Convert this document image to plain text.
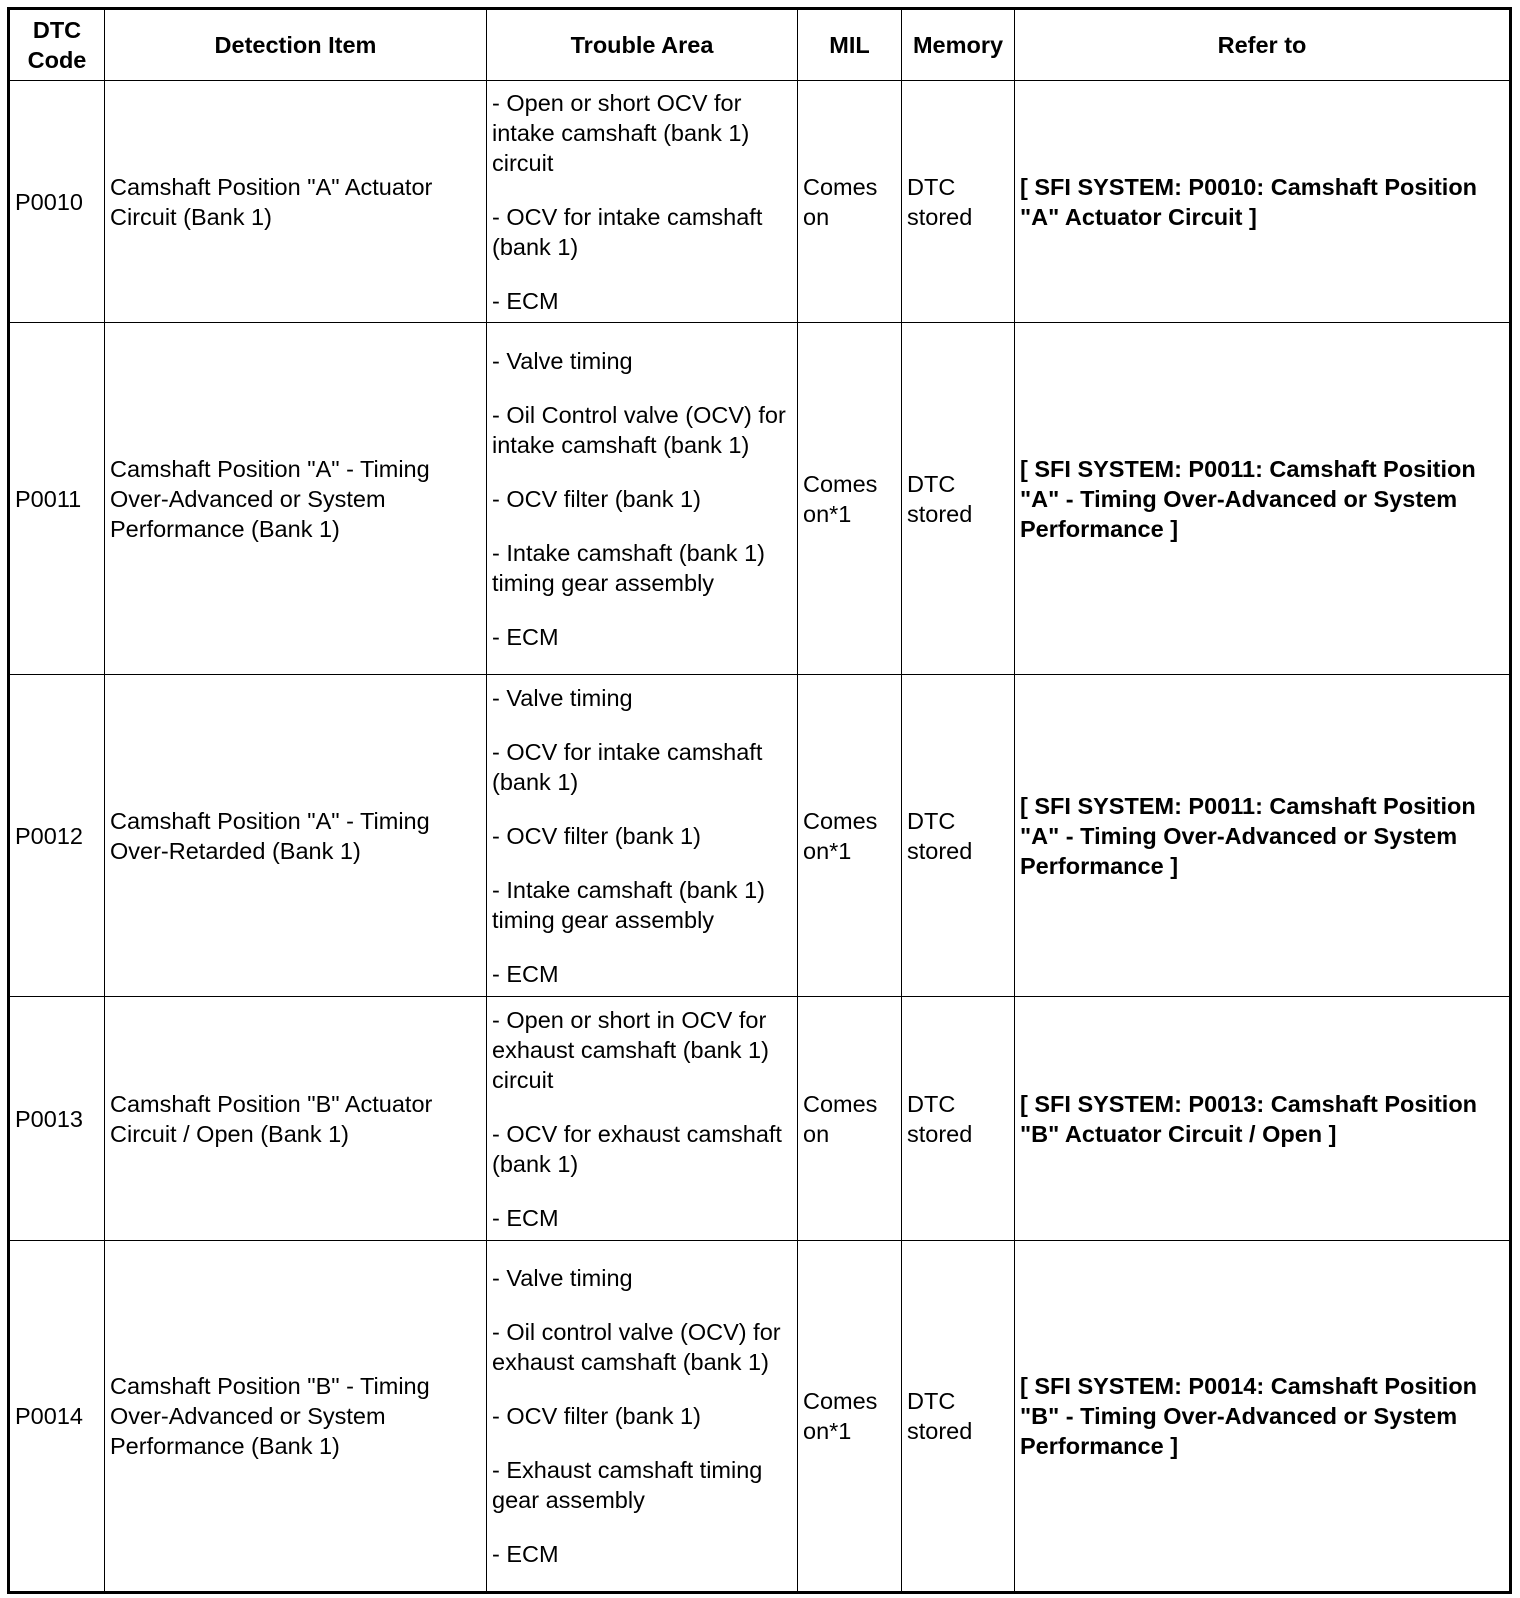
DTC Code	Detection Item	Trouble Area	MIL	Memory	Refer to
P0010	Camshaft Position "A" Actuator Circuit (Bank 1)	- Open or short OCV for intake camshaft (bank 1) circuit
- OCV for intake camshaft (bank 1)
- ECM	Comes on	DTC stored	[ SFI SYSTEM: P0010: Camshaft Position "A" Actuator Circuit ]
P0011	Camshaft Position "A" - Timing Over-Advanced or System Performance (Bank 1)	- Valve timing
- Oil Control valve (OCV) for intake camshaft (bank 1)
- OCV filter (bank 1)
- Intake camshaft (bank 1) timing gear assembly
- ECM	Comes on*1	DTC stored	[ SFI SYSTEM: P0011: Camshaft Position "A" - Timing Over-Advanced or System Performance ]
P0012	Camshaft Position "A" - Timing Over-Retarded (Bank 1)	- Valve timing
- OCV for intake camshaft (bank 1)
- OCV filter (bank 1)
- Intake camshaft (bank 1) timing gear assembly
- ECM	Comes on*1	DTC stored	[ SFI SYSTEM: P0011: Camshaft Position "A" - Timing Over-Advanced or System Performance ]
P0013	Camshaft Position "B" Actuator Circuit / Open (Bank 1)	- Open or short in OCV for exhaust camshaft (bank 1) circuit
- OCV for exhaust camshaft (bank 1)
- ECM	Comes on	DTC stored	[ SFI SYSTEM: P0013: Camshaft Position "B" Actuator Circuit / Open ]
P0014	Camshaft Position "B" - Timing Over-Advanced or System Performance (Bank 1)	- Valve timing
- Oil control valve (OCV) for exhaust camshaft (bank 1)
- OCV filter (bank 1)
- Exhaust camshaft timing gear assembly
- ECM	Comes on*1	DTC stored	[ SFI SYSTEM: P0014: Camshaft Position "B" - Timing Over-Advanced or System Performance ]
